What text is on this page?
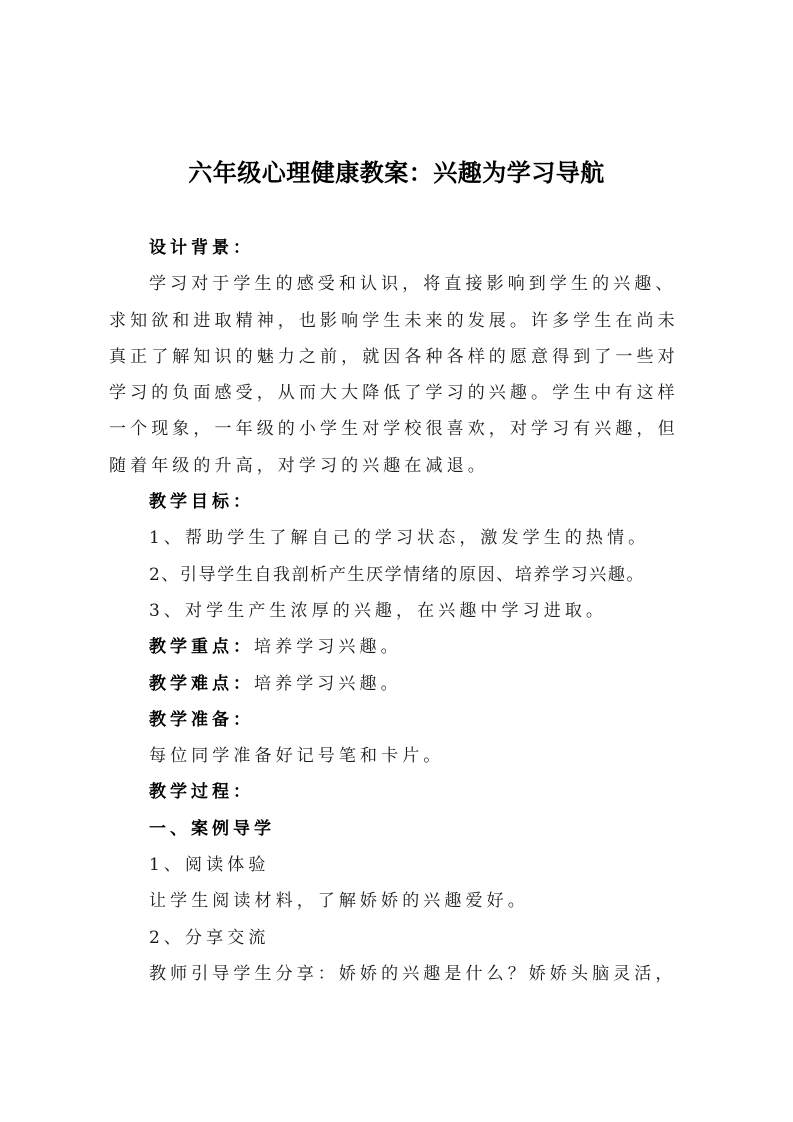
六年级心理健康教案：兴趣为学习导航
设计背景：
学习对于学生的感受和认识，将直接影响到学生的兴趣、
求知欲和进取精神，也影响学生未来的发展。许多学生在尚未
真正了解知识的魅力之前，就因各种各样的愿意得到了一些对
学习的负面感受，从而大大降低了学习的兴趣。学生中有这样
一个现象，一年级的小学生对学校很喜欢，对学习有兴趣，但
随着年级的升高，对学习的兴趣在减退。
教学目标：
1、帮助学生了解自己的学习状态，激发学生的热情。
2、引导学生自我剖析产生厌学情绪的原因、培养学习兴趣。
3、对学生产生浓厚的兴趣，在兴趣中学习进取。
教学重点：培养学习兴趣。
教学难点：培养学习兴趣。
教学准备：
每位同学准备好记号笔和卡片。
教学过程：
一、案例导学
1、阅读体验
让学生阅读材料，了解娇娇的兴趣爱好。
2、分享交流
教师引导学生分享：娇娇的兴趣是什么？娇娇头脑灵活，
